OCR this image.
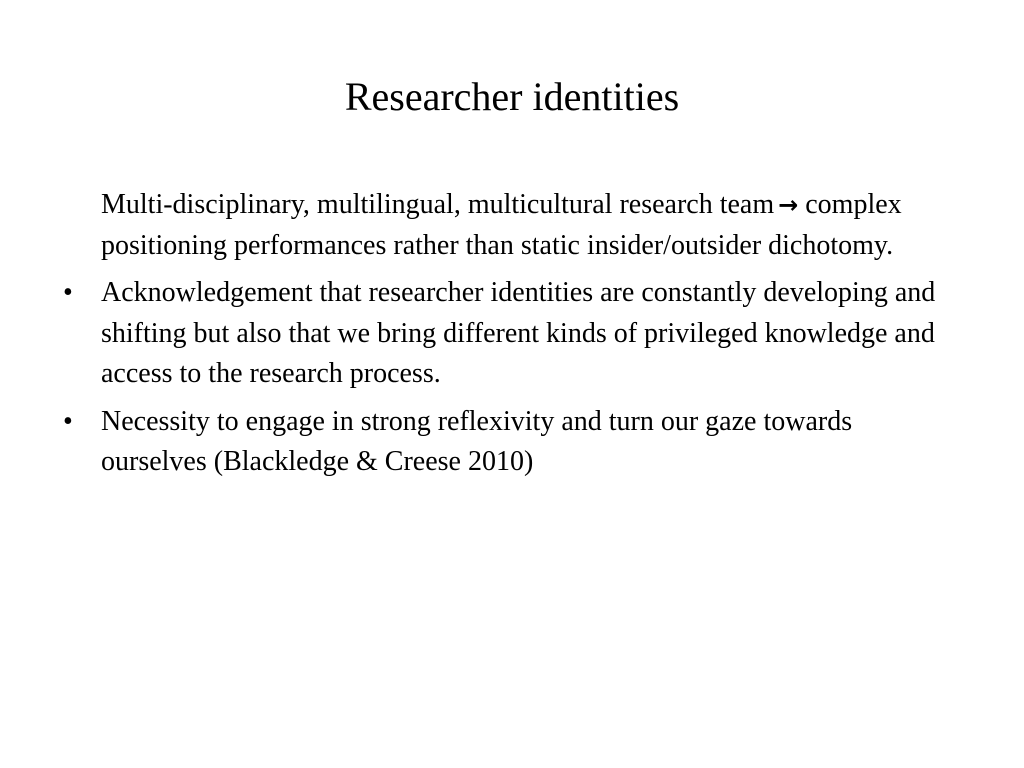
Researcher identities
Multi-disciplinary, multilingual, multicultural research team → complex positioning performances rather than static insider/outsider dichotomy.
• Acknowledgement that researcher identities are constantly developing and shifting but also that we bring different kinds of privileged knowledge and access to the research process.
• Necessity to engage in strong reflexivity and turn our gaze towards ourselves (Blackledge & Creese 2010)
